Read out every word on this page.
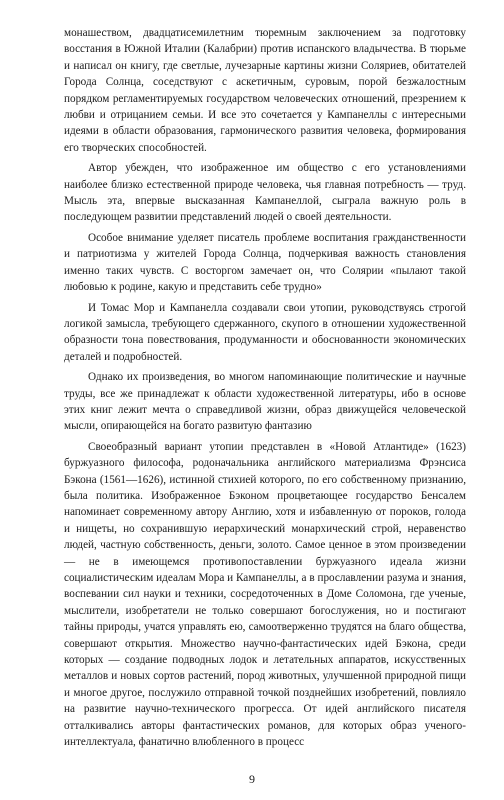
монашеством, двадцатисемилетним тюремным заключением за подготовку восстания в Южной Италии (Калабрии) против испанского владычества. В тюрьме и написал он книгу, где светлые, лучезарные картины жизни Соляриев, обитателей Города Солнца, соседствуют с аскетичным, суровым, порой безжалостным порядком регламентируемых государством человеческих отношений, презрением к любви и отрицанием семьи. И все это сочетается у Кампанеллы с интересными идеями в области образования, гармонического развития человека, формирования его творческих способностей.

Автор убежден, что изображенное им общество с его установлениями наиболее близко естественной природе человека, чья главная потребность — труд. Мысль эта, впервые высказанная Кампанеллой, сыграла важную роль в последующем развитии представлений людей о своей деятельности.

Особое внимание уделяет писатель проблеме воспитания гражданственности и патриотизма у жителей Города Солнца, подчеркивая важность становления именно таких чувств. С восторгом замечает он, что Солярии «пылают такой любовью к родине, какую и представить себе трудно»

И Томас Мор и Кампанелла создавали свои утопии, руководствуясь строгой логикой замысла, требующего сдержанного, скупого в отношении художественной образности тона повествования, продуманности и обоснованности экономических деталей и подробностей.

Однако их произведения, во многом напоминающие политические и научные труды, все же принадлежат к области художественной литературы, ибо в основе этих книг лежит мечта о справедливой жизни, образ движущейся человеческой мысли, опирающейся на богато развитую фантазию

Своеобразный вариант утопии представлен в «Новой Атлантиде» (1623) буржуазного философа, родоначальника английского материализма Фрэнсиса Бэкона (1561—1626), истинной стихией которого, по его собственному признанию, была политика. Изображенное Бэконом процветающее государство Бенсалем напоминает современному автору Англию, хотя и избавленную от пороков, голода и нищеты, но сохранившую иерархический монархический строй, неравенство людей, частную собственность, деньги, золото. Самое ценное в этом произведении — не в имеющемся противопоставлении буржуазного идеала жизни социалистическим идеалам Мора и Кампанеллы, а в прославлении разума и знания, воспевании сил науки и техники, сосредоточенных в Доме Соломона, где ученые, мыслители, изобретатели не только совершают богослужения, но и постигают тайны природы, учатся управлять ею, самоотверженно трудятся на благо общества, совершают открытия. Множество научно-фантастических идей Бэкона, среди которых — создание подводных лодок и летательных аппаратов, искусственных металлов и новых сортов растений, пород животных, улучшенной природной пищи и многое другое, послужило отправной точкой позднейших изобретений, повлияло на развитие научно-технического прогресса. От идей английского писателя отталкивались авторы фантастических романов, для которых образ ученого-интеллектуала, фанатично влюбленного в процесс

9
